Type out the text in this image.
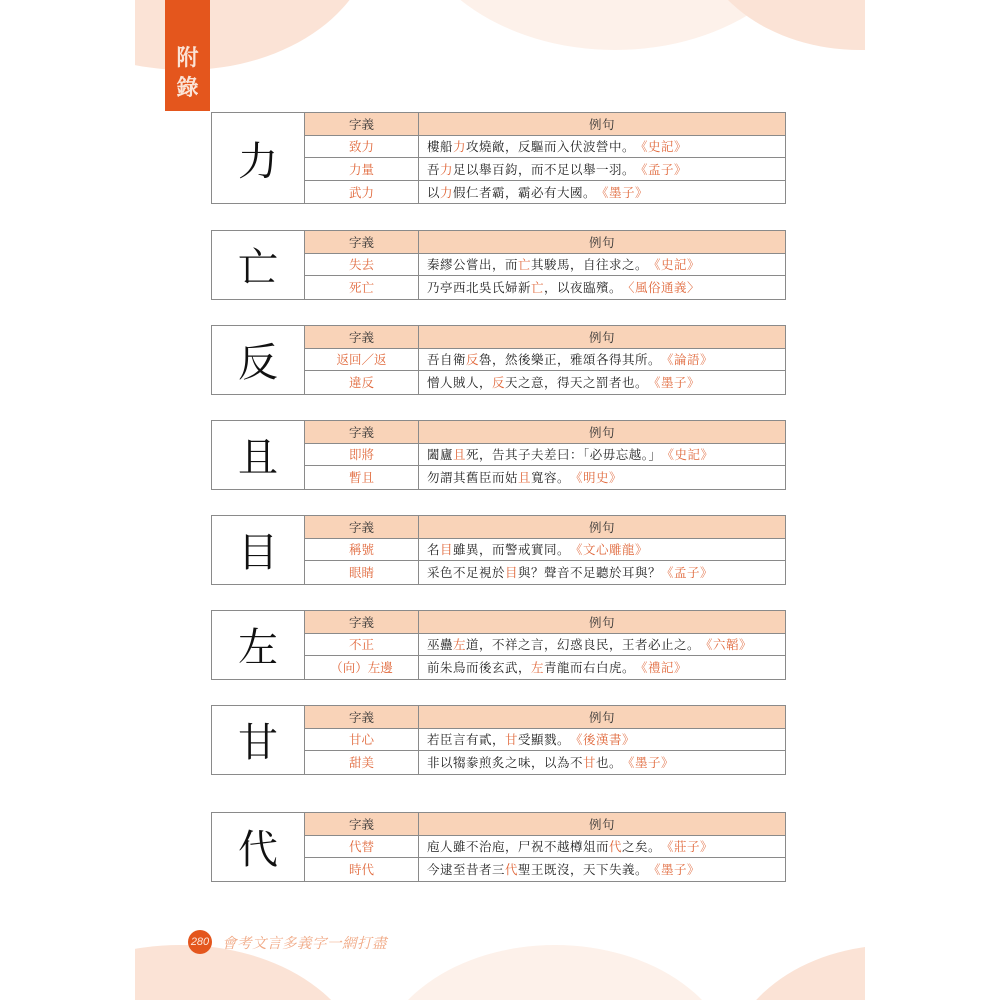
附
錄
力
字義	例句
致力	樓船 力 攻燒敵，反驅而入伏波營中。 《史記》
力量	吾 力 足以舉百鈞，而不足以舉一羽。 《孟子》
武力	以 力 假仁者霸，霸必有大國。 《墨子》
亡
字義	例句
失去	秦繆公嘗出，而 亡 其駿馬，自往求之。 《史記》
死亡	乃亭西北吳氏婦新 亡 ，以夜臨殯。 〈風俗通義〉
反
字義	例句
返回／返	吾自衛 反 魯，然後樂正，雅頌各得其所。 《論語》
違反	憎人賊人， 反 天之意，得天之罰者也。 《墨子》
且
字義	例句
即將	闔廬 且 死，告其子夫差曰：「必毋忘越。」 《史記》
暫且	勿謂其舊臣而姑 且 寬容。 《明史》
目
字義	例句
稱號	名 目 雖異，而警戒實同。 《文心雕龍》
眼睛	采色不足視於 目 與？聲音不足聽於耳與？ 《孟子》
左
字義	例句
不正	巫蠱 左 道，不祥之言，幻惑良民，王者必止之。 《六韜》
（向）左邊	前朱鳥而後玄武， 左 青龍而右白虎。 《禮記》
甘
字義	例句
甘心	若臣言有貳， 甘 受顯戮。 《後漢書》
甜美	非以犓豢煎炙之味，以為不 甘 也。 《墨子》
代
字義	例句
代替	庖人雖不治庖，尸祝不越樽俎而 代 之矣。 《莊子》
時代	今逮至昔者三 代 聖王既沒，天下失義。 《墨子》
280 會考文言多義字一網打盡
